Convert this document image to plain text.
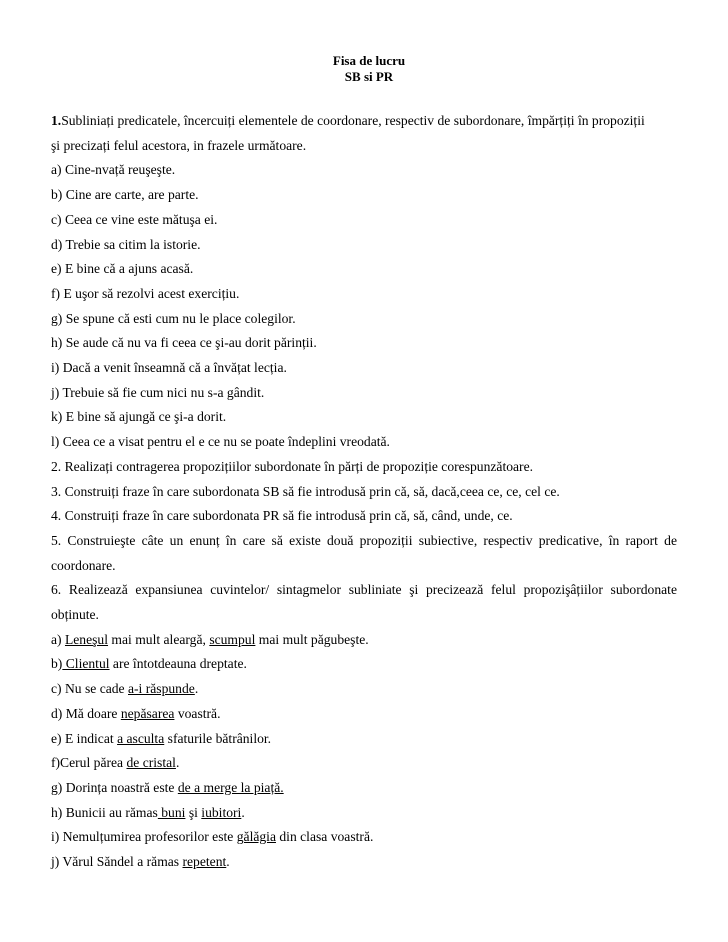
Fisa de lucru
SB si PR
1.Subliniați predicatele, încercuiți elementele de coordonare, respectiv de subordonare, împărțiți în propoziții
şi precizați felul acestora, in frazele următoare.
a) Cine-nvață reuşeşte.
b) Cine are carte, are parte.
c) Ceea ce vine este mătuşa ei.
d) Trebie sa citim la istorie.
e) E bine că a ajuns acasă.
f) E uşor să rezolvi acest exercițiu.
g) Se spune că esti cum nu le place colegilor.
h) Se aude că nu va fi ceea ce şi-au dorit părinții.
i) Dacă a venit înseamnă că a învățat lecția.
j) Trebuie să fie cum nici nu s-a gândit.
k) E bine să ajungă ce şi-a dorit.
l) Ceea ce a visat pentru el e ce nu se poate îndeplini vreodată.
2. Realizați contragerea propozițiilor subordonate în părți de propoziție corespunzătoare.
3. Construiți fraze în care subordonata SB să fie introdusă prin că, să, dacă,ceea ce, ce, cel ce.
4. Construiți fraze în care subordonata PR să fie introdusă prin că, să, când, unde, ce.
5. Construieşte câte un enunț în care să existe două propoziții subiective, respectiv predicative, în raport de
coordonare.
6. Realizează expansiunea cuvintelor/ sintagmelor subliniate şi precizează felul propozişâțiilor subordonate
obținute.
a) Leneşul mai mult aleargă, scumpul mai mult păgubeşte.
b) Clientul are întotdeauna dreptate.
c) Nu se cade a-i răspunde.
d) Mă doare nepăsarea voastră.
e) E indicat a asculta sfaturile bătrânilor.
f)Cerul părea de cristal.
g) Dorința noastră este de a merge la piață.
h) Bunicii au rămas buni şi iubitori.
i) Nemulțumirea profesorilor este gălăgia din clasa voastră.
j) Vărul Săndel a rămas repetent.
